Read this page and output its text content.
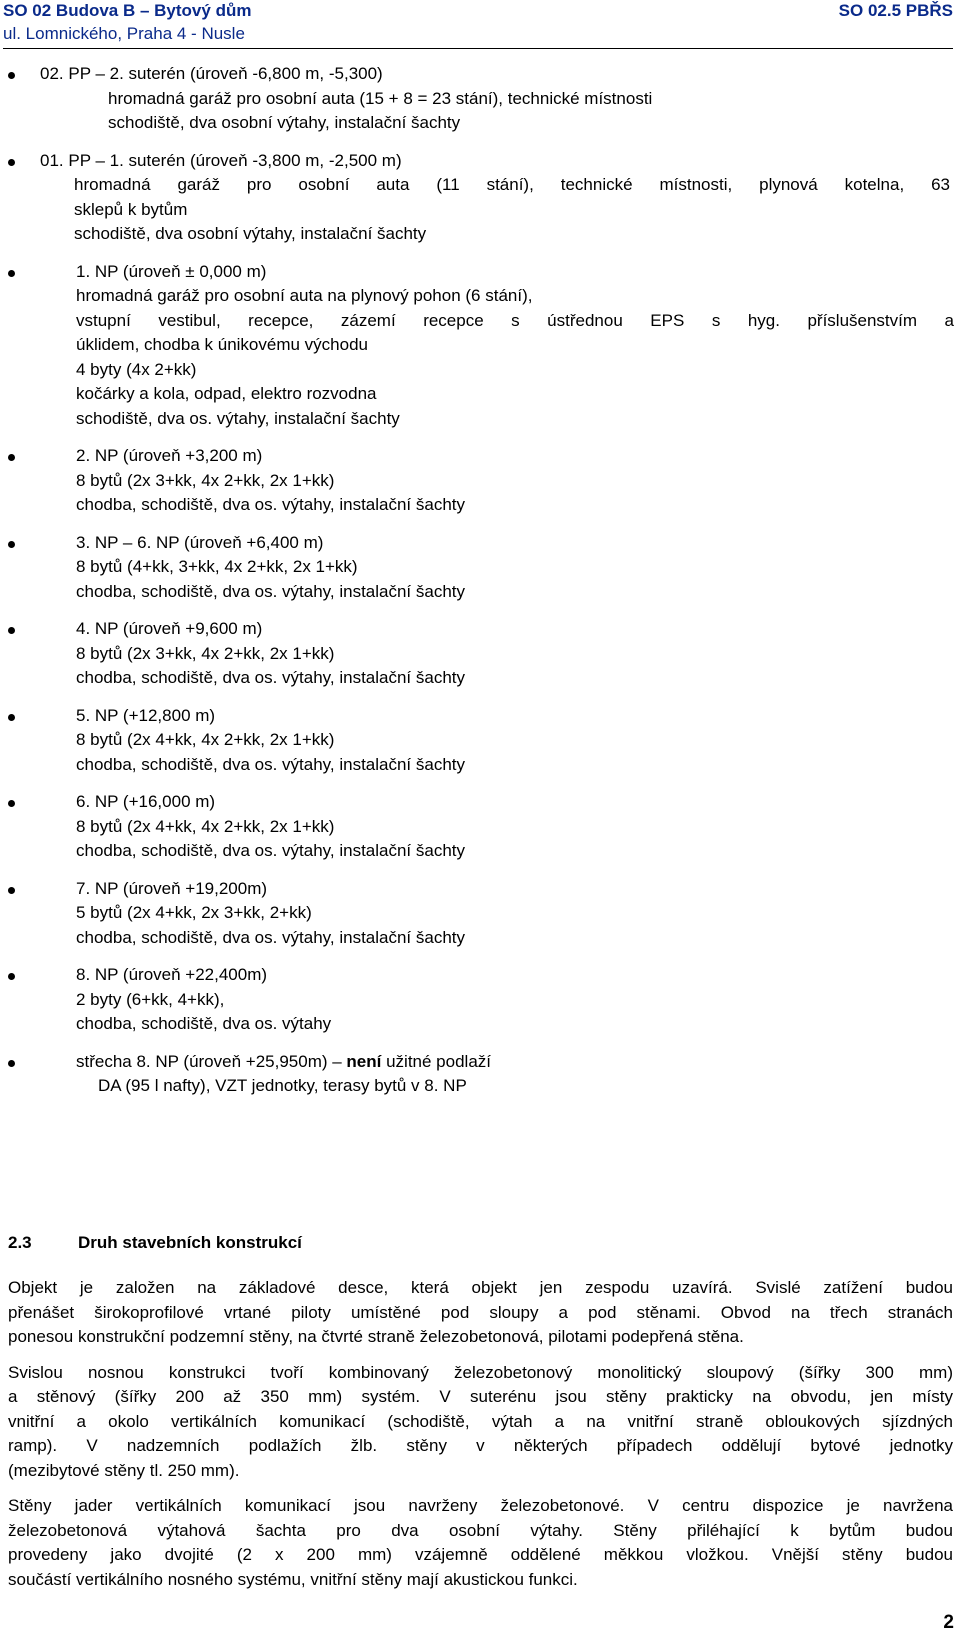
SO 02 Budova B – Bytový dům	SO 02.5 PBŘS
ul. Lomnického, Praha 4 - Nusle
02. PP – 2. suterén (úroveň -6,800 m, -5,300)
hromadná garáž pro osobní auta (15 + 8 = 23 stání), technické místnosti
schodiště, dva osobní výtahy, instalační šachty
01. PP – 1. suterén (úroveň -3,800 m, -2,500 m)
hromadná garáž pro osobní auta (11 stání), technické místnosti, plynová kotelna, 63
sklepů k bytům
schodiště, dva osobní výtahy, instalační šachty
1. NP (úroveň ± 0,000 m)
hromadná garáž pro osobní auta na plynový pohon (6 stání),
vstupní vestibul, recepce, zázemí recepce s ústřednou EPS s hyg. příslušenstvím a
úklidem, chodba k únikovému východu
4 byty (4x 2+kk)
kočárky a kola, odpad, elektro rozvodna
schodiště, dva os. výtahy, instalační šachty
2. NP (úroveň +3,200 m)
8 bytů (2x 3+kk, 4x 2+kk, 2x 1+kk)
chodba, schodiště, dva os. výtahy, instalační šachty
3. NP – 6. NP (úroveň +6,400 m)
8 bytů (4+kk, 3+kk, 4x 2+kk, 2x 1+kk)
chodba, schodiště, dva os. výtahy, instalační šachty
4. NP (úroveň +9,600 m)
8 bytů (2x 3+kk, 4x 2+kk, 2x 1+kk)
chodba, schodiště, dva os. výtahy, instalační šachty
5. NP (+12,800 m)
8 bytů (2x 4+kk, 4x 2+kk, 2x 1+kk)
chodba, schodiště, dva os. výtahy, instalační šachty
6. NP (+16,000 m)
8 bytů (2x 4+kk, 4x 2+kk, 2x 1+kk)
chodba, schodiště, dva os. výtahy, instalační šachty
7. NP (úroveň +19,200m)
5 bytů (2x 4+kk, 2x 3+kk, 2+kk)
chodba, schodiště, dva os. výtahy, instalační šachty
8. NP (úroveň +22,400m)
2 byty (6+kk, 4+kk),
chodba, schodiště, dva os. výtahy
střecha 8. NP (úroveň +25,950m) – není užitné podlaží
DA (95 l nafty), VZT jednotky, terasy bytů v 8. NP
2.3	Druh stavebních konstrukcí
Objekt je založen na základové desce, která objekt jen zespodu uzavírá. Svislé zatížení budou
přenášet širokoprofilové vrtané piloty umístěné pod sloupy a pod stěnami. Obvod na třech stranách
ponesou konstrukční podzemní stěny, na čtvrté straně železobetonová, pilotami podepřená stěna.
Svislou nosnou konstrukci tvoří kombinovaný železobetonový monolitický sloupový (šířky 300 mm)
a stěnový (šířky 200 až 350 mm) systém. V suterénu jsou stěny prakticky na obvodu, jen místy
vnitřní a okolo vertikálních komunikací (schodiště, výtah a na vnitřní straně obloukových sjízdných
ramp). V nadzemních podlažích žlb. stěny v některých případech oddělují bytové jednotky
(mezibytové stěny tl. 250 mm).
Stěny jader vertikálních komunikací jsou navrženy železobetonové. V centru dispozice je navržena
železobetonová výtahová šachta pro dva osobní výtahy. Stěny přiléhající k bytům budou
provedeny jako dvojité (2 x 200 mm) vzájemně oddělené měkkou vložkou. Vnější stěny budou
součástí vertikálního nosného systému, vnitřní stěny mají akustickou funkci.
2
